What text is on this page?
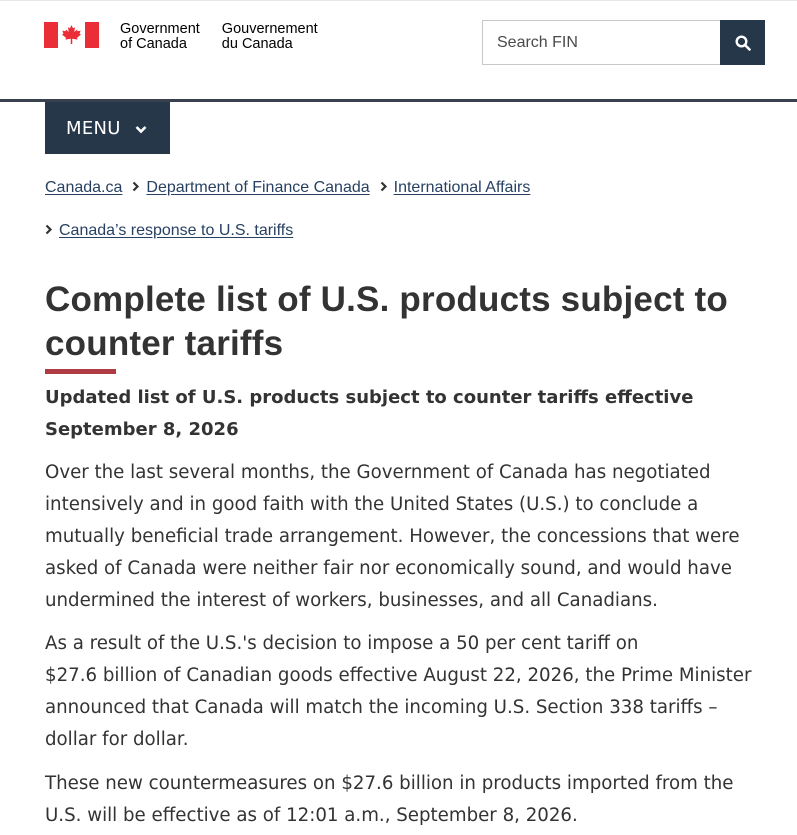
Government
of Canada
Gouvernement
du Canada
Search FIN
MENU
Canada.ca Department of Finance Canada International Affairs
Canada’s response to U.S. tariffs
Complete list of U.S. products subject to
counter tariffs
Updated list of U.S. products subject to counter tariffs effective
September 8, 2026
Over the last several months, the Government of Canada has negotiated
intensively and in good faith with the United States (U.S.) to conclude a
mutually beneficial trade arrangement. However, the concessions that were
asked of Canada were neither fair nor economically sound, and would have
undermined the interest of workers, businesses, and all Canadians.
As a result of the U.S.'s decision to impose a 50 per cent tariff on
$27.6 billion of Canadian goods effective August 22, 2026, the Prime Minister
announced that Canada will match the incoming U.S. Section 338 tariffs –
dollar for dollar.
These new countermeasures on $27.6 billion in products imported from the
U.S. will be effective as of 12:01 a.m., September 8, 2026.
